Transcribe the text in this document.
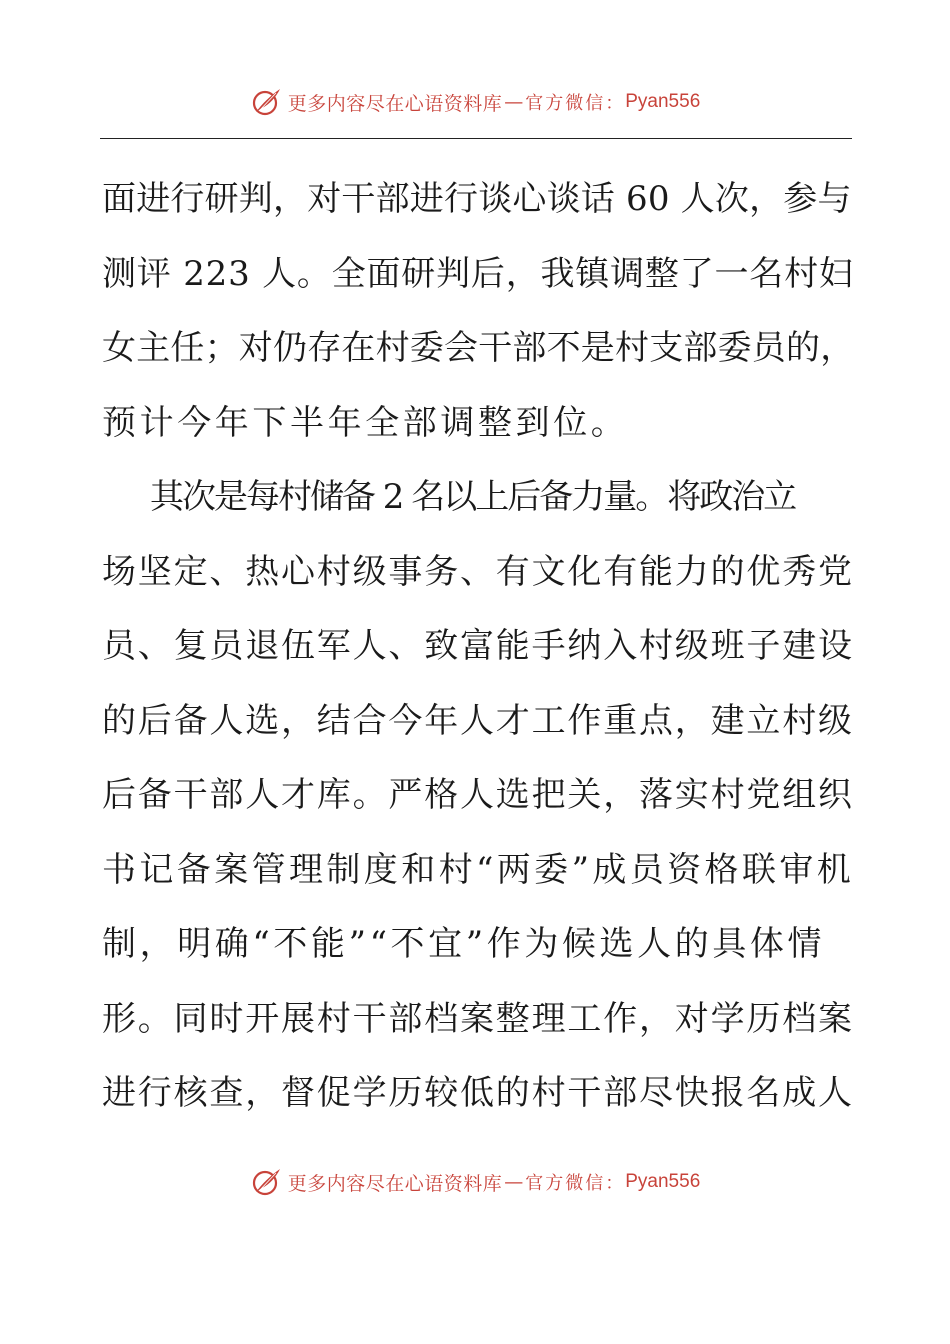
更多内容尽在心语资料库 — 官方微信： Pyan556

面进行研判，对干部进行谈心谈话 60 人次，参与
测评 223 人。全面研判后，我镇调整了一名村妇
女主任；对仍存在村委会干部不是村支部委员的，
预计今年下半年全部调整到位。

其次是每村储备 2 名以上后备力量。将政治立
场坚定、热心村级事务、有文化有能力的优秀党
员、复员退伍军人、致富能手纳入村级班子建设
的后备人选，结合今年人才工作重点，建立村级
后备干部人才库。严格人选把关，落实村党组织
书记备案管理制度和村“两委”成员资格联审机
制，明确“不能”“不宜”作为候选人的具体情
形。同时开展村干部档案整理工作，对学历档案
进行核查，督促学历较低的村干部尽快报名成人

更多内容尽在心语资料库 — 官方微信： Pyan556
